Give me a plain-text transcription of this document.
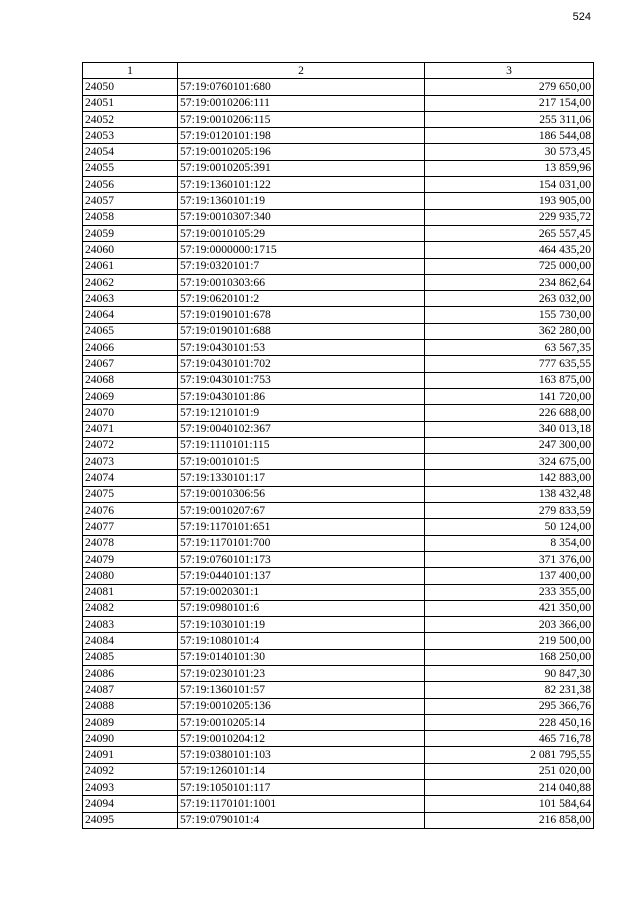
524
1	2	3
24050	57:19:0760101:680	279 650,00
24051	57:19:0010206:111	217 154,00
24052	57:19:0010206:115	255 311,06
24053	57:19:0120101:198	186 544,08
24054	57:19:0010205:196	30 573,45
24055	57:19:0010205:391	13 859,96
24056	57:19:1360101:122	154 031,00
24057	57:19:1360101:19	193 905,00
24058	57:19:0010307:340	229 935,72
24059	57:19:0010105:29	265 557,45
24060	57:19:0000000:1715	464 435,20
24061	57:19:0320101:7	725 000,00
24062	57:19:0010303:66	234 862,64
24063	57:19:0620101:2	263 032,00
24064	57:19:0190101:678	155 730,00
24065	57:19:0190101:688	362 280,00
24066	57:19:0430101:53	63 567,35
24067	57:19:0430101:702	777 635,55
24068	57:19:0430101:753	163 875,00
24069	57:19:0430101:86	141 720,00
24070	57:19:1210101:9	226 688,00
24071	57:19:0040102:367	340 013,18
24072	57:19:1110101:115	247 300,00
24073	57:19:0010101:5	324 675,00
24074	57:19:1330101:17	142 883,00
24075	57:19:0010306:56	138 432,48
24076	57:19:0010207:67	279 833,59
24077	57:19:1170101:651	50 124,00
24078	57:19:1170101:700	8 354,00
24079	57:19:0760101:173	371 376,00
24080	57:19:0440101:137	137 400,00
24081	57:19:0020301:1	233 355,00
24082	57:19:0980101:6	421 350,00
24083	57:19:1030101:19	203 366,00
24084	57:19:1080101:4	219 500,00
24085	57:19:0140101:30	168 250,00
24086	57:19:0230101:23	90 847,30
24087	57:19:1360101:57	82 231,38
24088	57:19:0010205:136	295 366,76
24089	57:19:0010205:14	228 450,16
24090	57:19:0010204:12	465 716,78
24091	57:19:0380101:103	2 081 795,55
24092	57:19:1260101:14	251 020,00
24093	57:19:1050101:117	214 040,88
24094	57:19:1170101:1001	101 584,64
24095	57:19:0790101:4	216 858,00
